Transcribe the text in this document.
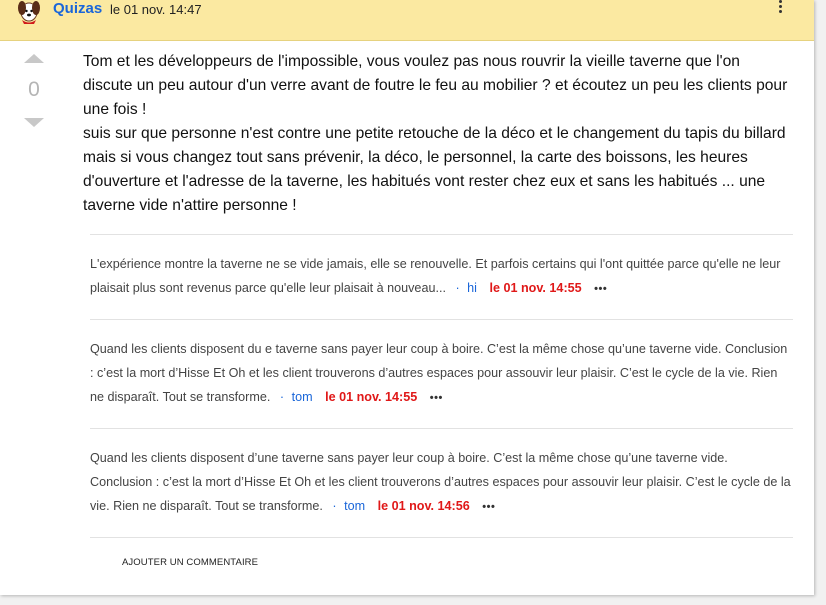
Quizas le 01 nov. 14:47
0

Tom et les développeurs de l'impossible, vous voulez pas nous rouvrir la vieille taverne que l'on discute un peu autour d'un verre avant de foutre le feu au mobilier ? et écoutez un peu les clients pour une fois !

suis sur que personne n'est contre une petite retouche de la déco et le changement du tapis du billard mais si vous changez tout sans prévenir, la déco, le personnel, la carte des boissons, les heures d'ouverture et l'adresse de la taverne, les habitués vont rester chez eux et sans les habitués ... une taverne vide n'attire personne !

L'expérience montre la taverne ne se vide jamais, elle se renouvelle. Et parfois certains qui l'ont quittée parce qu'elle ne leur plaisait plus sont revenus parce qu'elle leur plaisait à nouveau... · hi le 01 nov. 14:55 •••
Quand les clients disposent du e taverne sans payer leur coup à boire. C’est la même chose qu’une taverne vide. Conclusion : c’est la mort d’Hisse Et Oh et les client trouverons d’autres espaces pour assouvir leur plaisir. C’est le cycle de la vie. Rien ne disparaît. Tout se transforme. · tom le 01 nov. 14:55 •••
Quand les clients disposent d’une taverne sans payer leur coup à boire. C’est la même chose qu’une taverne vide. Conclusion : c’est la mort d’Hisse Et Oh et les client trouverons d’autres espaces pour assouvir leur plaisir. C’est le cycle de la vie. Rien ne disparaît. Tout se transforme. · tom le 01 nov. 14:56 •••
AJOUTER UN COMMENTAIRE
